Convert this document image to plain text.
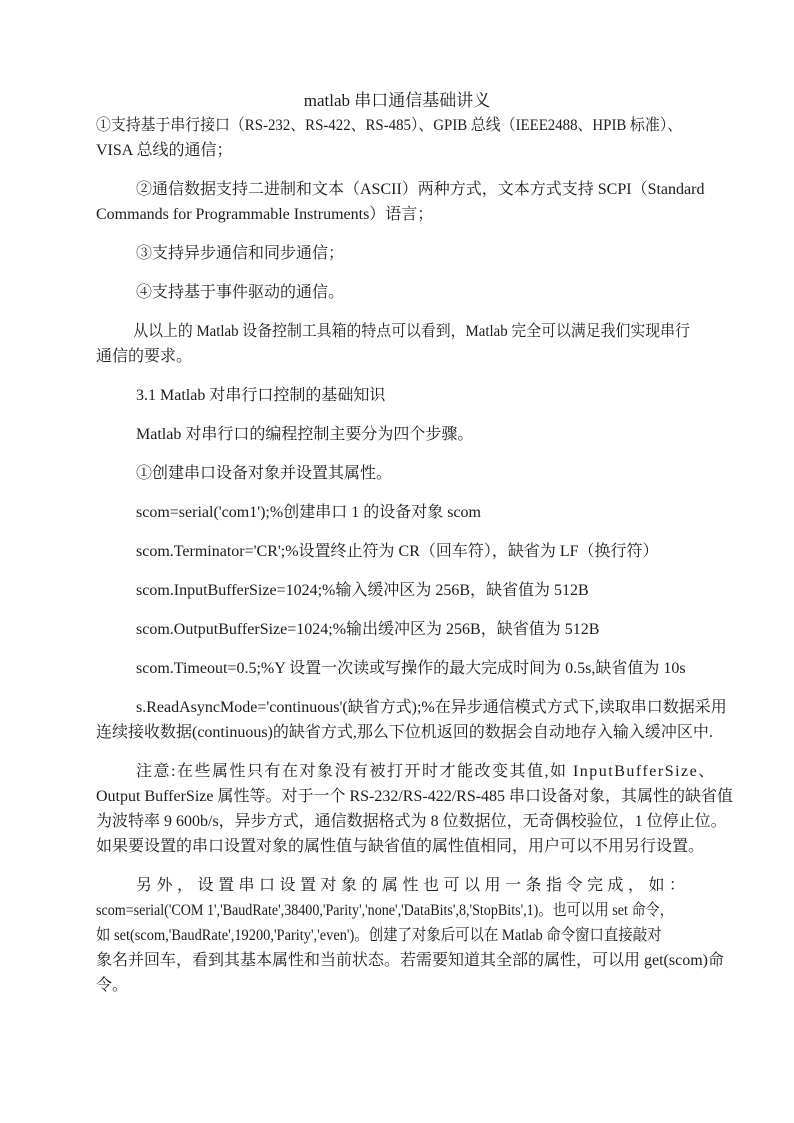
matlab 串口通信基础讲义
①支持基于串行接口（RS-232、RS-422、RS-485）、GPIB 总线（IEEE2488、HPIB 标准）、
VISA 总线的通信；
②通信数据支持二进制和文本（ASCII）两种方式，文本方式支持 SCPI（Standard
Commands for Programmable Instruments）语言；
③支持异步通信和同步通信；
④支持基于事件驱动的通信。
从以上的 Matlab 设备控制工具箱的特点可以看到，Matlab 完全可以满足我们实现串行
通信的要求。
3.1 Matlab 对串行口控制的基础知识
Matlab 对串行口的编程控制主要分为四个步骤。
①创建串口设备对象并设置其属性。
scom=serial('com1');%创建串口 1 的设备对象 scom
scom.Terminator='CR';%设置终止符为 CR（回车符），缺省为 LF（换行符）
scom.InputBufferSize=1024;%输入缓冲区为 256B，缺省值为 512B
scom.OutputBufferSize=1024;%输出缓冲区为 256B，缺省值为 512B
scom.Timeout=0.5;%Y 设置一次读或写操作的最大完成时间为 0.5s,缺省值为 10s
s.ReadAsyncMode='continuous'(缺省方式);%在异步通信模式方式下,读取串口数据采用
连续接收数据(continuous)的缺省方式,那么下位机返回的数据会自动地存入输入缓冲区中.
注意:在些属性只有在对象没有被打开时才能改变其值,如 InputBufferSize、
Output BufferSize 属性等。对于一个 RS-232/RS-422/RS-485 串口设备对象，其属性的缺省值
为波特率 9 600b/s，异步方式，通信数据格式为 8 位数据位，无奇偶校验位，1 位停止位。
如果要设置的串口设置对象的属性值与缺省值的属性值相同，用户可以不用另行设置。
另外，设置串口设置对象的属性也可以用一条指令完成，如：
scom=serial('COM 1','BaudRate',38400,'Parity','none','DataBits',8,'StopBits',1)。也可以用 set 命令，
如 set(scom,'BaudRate',19200,'Parity','even')。创建了对象后可以在 Matlab 命令窗口直接敲对
象名并回车，看到其基本属性和当前状态。若需要知道其全部的属性，可以用 get(scom)命
令。
